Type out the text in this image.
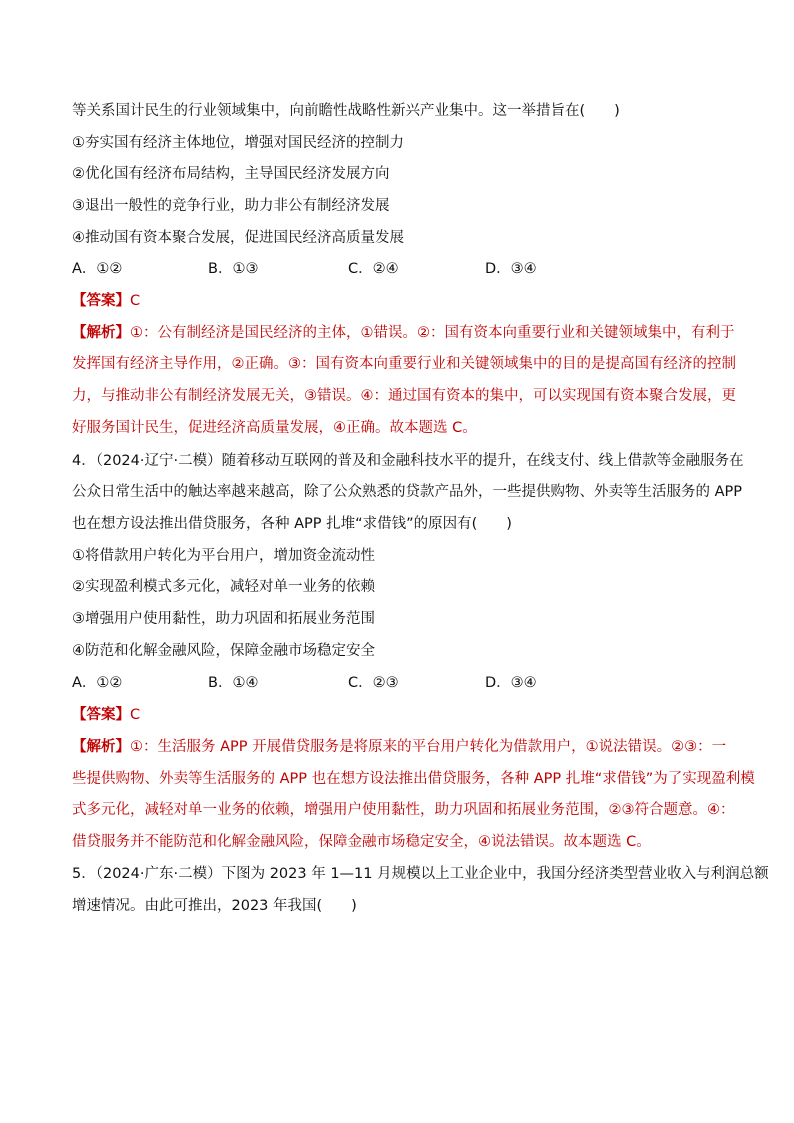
等关系国计民生的行业领域集中，向前瞻性战略性新兴产业集中。这一举措旨在(　　)
①夯实国有经济主体地位，增强对国民经济的控制力
②优化国有经济布局结构，主导国民经济发展方向
③退出一般性的竞争行业，助力非公有制经济发展
④推动国有资本聚合发展，促进国民经济高质量发展
A．①②	B．①③	C．②④	D．③④
【答案】C
【解析】①：公有制经济是国民经济的主体，①错误。②：国有资本向重要行业和关键领域集中，有利于
发挥国有经济主导作用，②正确。③：国有资本向重要行业和关键领域集中的目的是提高国有经济的控制
力，与推动非公有制经济发展无关，③错误。④：通过国有资本的集中，可以实现国有资本聚合发展，更
好服务国计民生，促进经济高质量发展，④正确。故本题选 C。
4．（2024·辽宁·二模）随着移动互联网的普及和金融科技水平的提升，在线支付、线上借款等金融服务在
公众日常生活中的触达率越来越高，除了公众熟悉的贷款产品外，一些提供购物、外卖等生活服务的 APP
也在想方设法推出借贷服务，各种 APP 扎堆“求借钱”的原因有(　　)
①将借款用户转化为平台用户，增加资金流动性
②实现盈利模式多元化，减轻对单一业务的依赖
③增强用户使用黏性，助力巩固和拓展业务范围
④防范和化解金融风险，保障金融市场稳定安全
A．①②	B．①④	C．②③	D．③④
【答案】C
【解析】①：生活服务 APP 开展借贷服务是将原来的平台用户转化为借款用户，①说法错误。②③：一
些提供购物、外卖等生活服务的 APP 也在想方设法推出借贷服务，各种 APP 扎堆“求借钱”为了实现盈利模
式多元化，减轻对单一业务的依赖，增强用户使用黏性，助力巩固和拓展业务范围，②③符合题意。④：
借贷服务并不能防范和化解金融风险，保障金融市场稳定安全，④说法错误。故本题选 C。
5．（2024·广东·二模）下图为 2023 年 1—11 月规模以上工业企业中，我国分经济类型营业收入与利润总额
增速情况。由此可推出，2023 年我国(　　)
